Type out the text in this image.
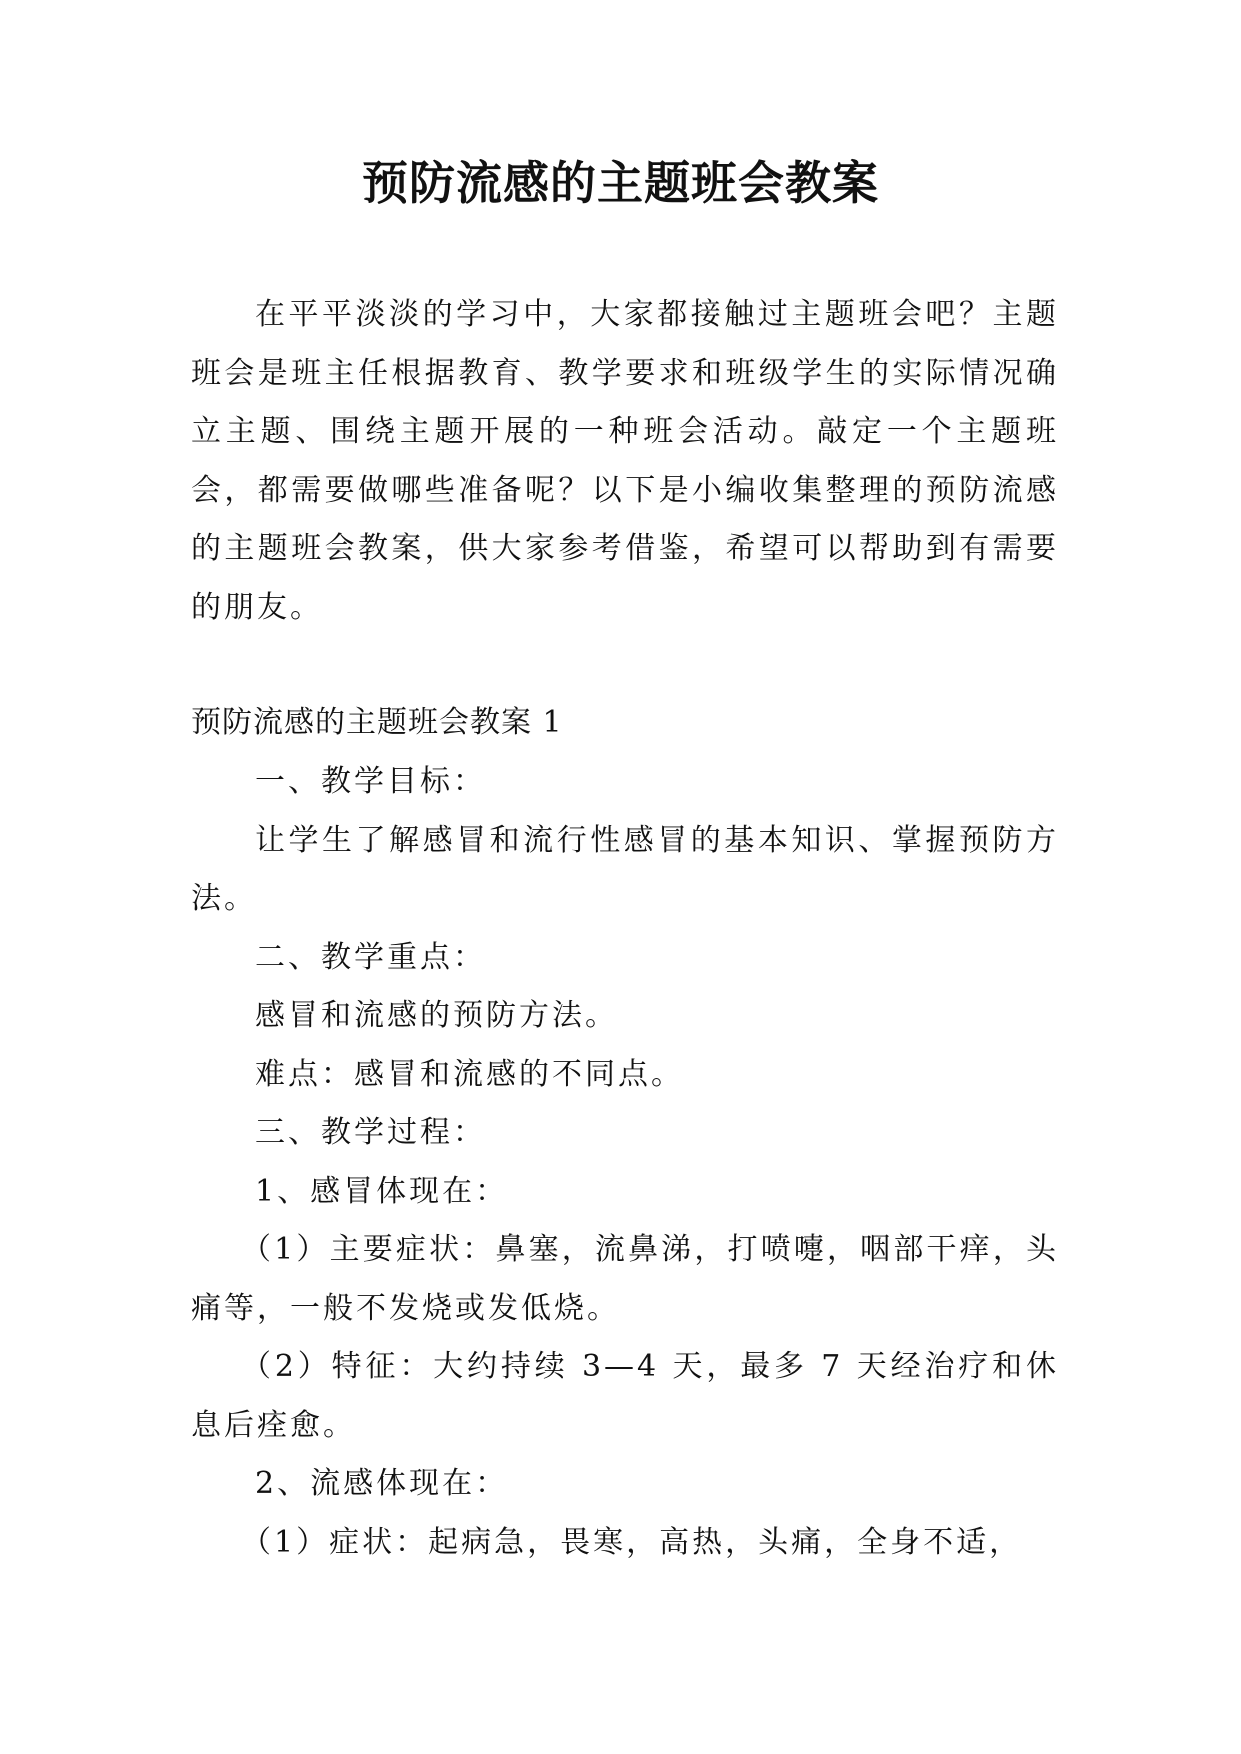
预防流感的主题班会教案

在平平淡淡的学习中，大家都接触过主题班会吧？主题班会是班主任根据教育、教学要求和班级学生的实际情况确立主题、围绕主题开展的一种班会活动。敲定一个主题班会，都需要做哪些准备呢？以下是小编收集整理的预防流感的主题班会教案，供大家参考借鉴，希望可以帮助到有需要的朋友。

预防流感的主题班会教案 1

一、教学目标：

让学生了解感冒和流行性感冒的基本知识、掌握预防方法。

二、教学重点：

感冒和流感的预防方法。

难点：感冒和流感的不同点。

三、教学过程：

1、感冒体现在：

（1）主要症状：鼻塞，流鼻涕，打喷嚏，咽部干痒，头痛等，一般不发烧或发低烧。

（2）特征：大约持续 3—4 天，最多 7 天经治疗和休息后痊愈。

2、流感体现在：

（1）症状：起病急，畏寒，高热，头痛，全身不适，
